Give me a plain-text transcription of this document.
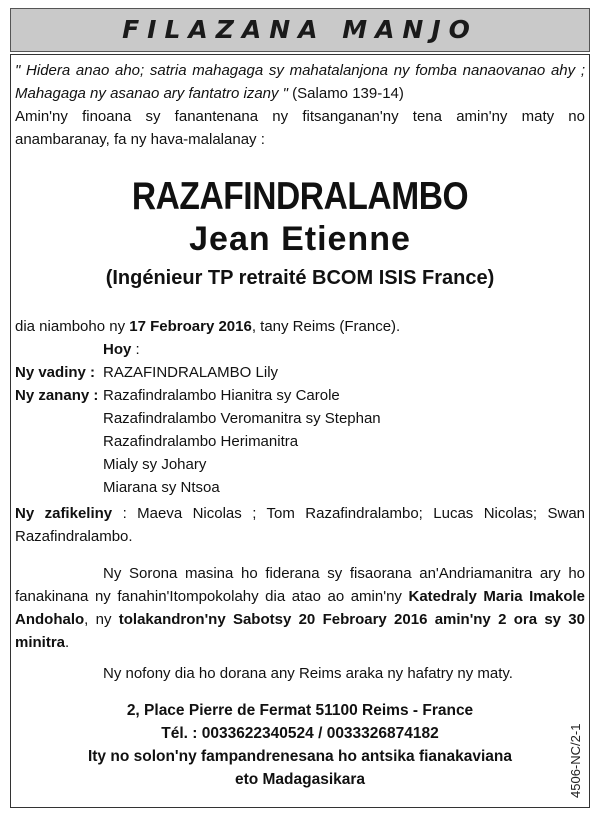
FILAZANA MANJO

" Hidera anao aho; satria mahagaga sy mahatalanjona ny fomba nanaovanao ahy ; Mahagaga ny asanao ary fantatro izany " (Salamo 139-14)

Amin'ny finoana sy fanantenana ny fitsanganan'ny tena amin'ny maty no anambaranay, fa ny hava-malalanay :

RAZAFINDRALAMBO
Jean Etienne
(Ingénieur TP retraité BCOM ISIS France)
dia niamboho ny 17 Febroary 2016, tany Reims (France).
Hoy :
Ny vadiny : RAZAFINDRALAMBO Lily
Ny zanany : Razafindralambo Hianitra sy Carole
Razafindralambo Veromanitra sy Stephan
Razafindralambo Herimanitra
Mialy sy Johary
Miarana sy Ntsoa
Ny zafikeliny : Maeva Nicolas ; Tom Razafindralambo; Lucas Nicolas; Swan Razafindralambo.
Ny Sorona masina ho fiderana sy fisaorana an'Andriamanitra ary ho fanakinana ny fanahin'Itompokolahy dia atao ao amin'ny Katedraly Maria Imakole Andohalo, ny tolakandron'ny Sabotsy 20 Febroary 2016 amin'ny 2 ora sy 30 minitra.
Ny nofony dia ho dorana any Reims araka ny hafatry ny maty.
2, Place Pierre de Fermat 51100 Reims - France
Tél. : 0033622340524 / 0033326874182
Ity no solon'ny fampandrenesana ho antsika fianakaviana
eto Madagasikara	4506-NC/2-1
